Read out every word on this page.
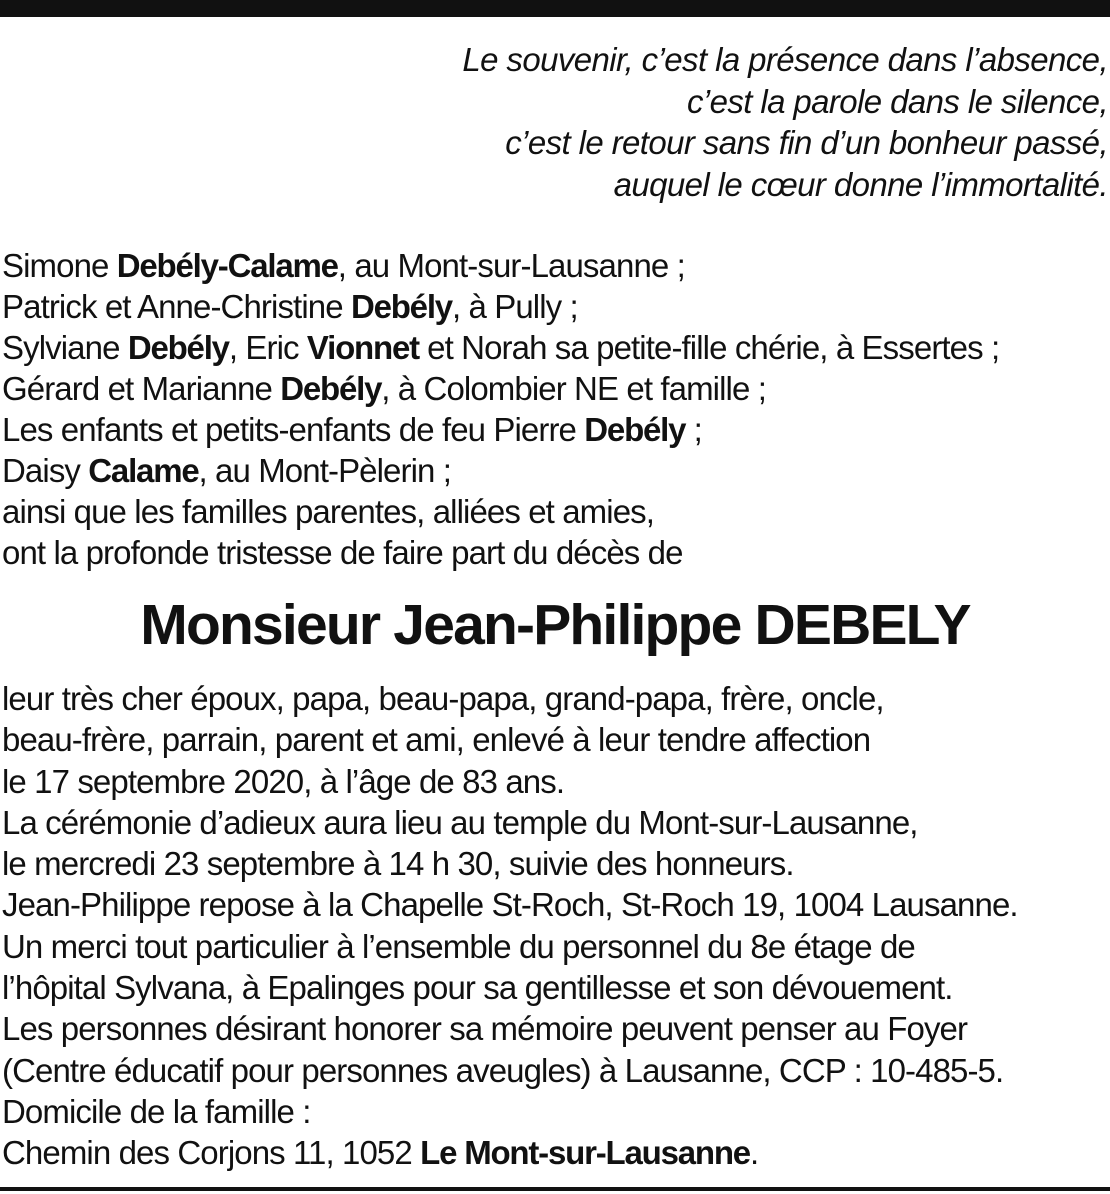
Le souvenir, c’est la présence dans l’absence,
c’est la parole dans le silence,
c’est le retour sans fin d’un bonheur passé,
auquel le cœur donne l’immortalité.
Simone Debély-Calame, au Mont-sur-Lausanne ;
Patrick et Anne-Christine Debély, à Pully ;
Sylviane Debély, Eric Vionnet et Norah sa petite-fille chérie, à Essertes ;
Gérard et Marianne Debély, à Colombier NE et famille ;
Les enfants et petits-enfants de feu Pierre Debély ;
Daisy Calame, au Mont-Pèlerin ;
ainsi que les familles parentes, alliées et amies,
ont la profonde tristesse de faire part du décès de
Monsieur Jean-Philippe DEBELY
leur très cher époux, papa, beau-papa, grand-papa, frère, oncle,
beau-frère, parrain, parent et ami, enlevé à leur tendre affection
le 17 septembre 2020, à l’âge de 83 ans.
La cérémonie d’adieux aura lieu au temple du Mont-sur-Lausanne,
le mercredi 23 septembre à 14 h 30, suivie des honneurs.
Jean-Philippe repose à la Chapelle St-Roch, St-Roch 19, 1004 Lausanne.
Un merci tout particulier à l’ensemble du personnel du 8e étage de
l’hôpital Sylvana, à Epalinges pour sa gentillesse et son dévouement.
Les personnes désirant honorer sa mémoire peuvent penser au Foyer
(Centre éducatif pour personnes aveugles) à Lausanne, CCP : 10-485-5.
Domicile de la famille :
Chemin des Corjons 11, 1052 Le Mont-sur-Lausanne.
